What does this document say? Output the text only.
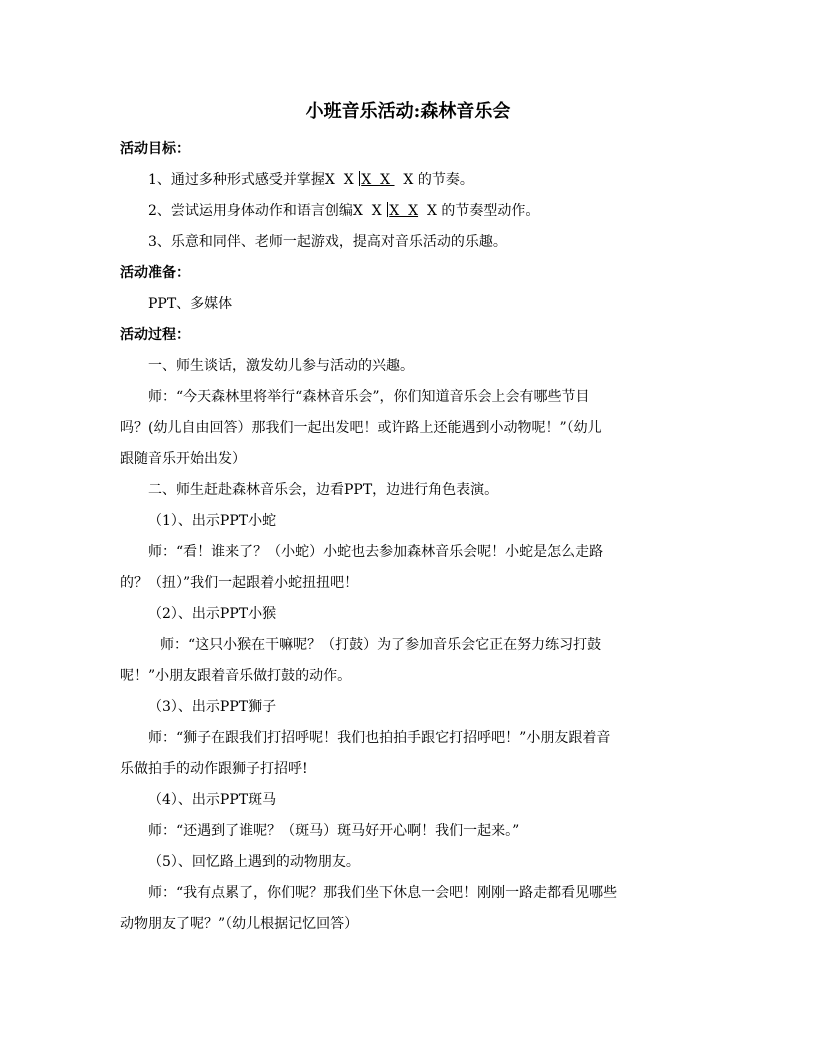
小班音乐活动:森林音乐会
活动目标：
1、通过多种形式感受并掌握X  X X  X   X 的节奏。
2、尝试运用身体动作和语言创编X  X X  X  X 的节奏型动作。
3、乐意和同伴、老师一起游戏，提高对音乐活动的乐趣。
活动准备：
PPT、多媒体
活动过程：
一、师生谈话，激发幼儿参与活动的兴趣。
师：“今天森林里将举行“森林音乐会”，你们知道音乐会上会有哪些节目
吗？(幼儿自由回答）那我们一起出发吧！或许路上还能遇到小动物呢！”（幼儿
跟随音乐开始出发）
二、师生赶赴森林音乐会，边看PPT，边进行角色表演。
（1）、出示PPT小蛇
师：“看！谁来了？（小蛇）小蛇也去参加森林音乐会呢！小蛇是怎么走路
的？（扭）”我们一起跟着小蛇扭扭吧！
（2）、出示PPT小猴
师：“这只小猴在干嘛呢？（打鼓）为了参加音乐会它正在努力练习打鼓
呢！”小朋友跟着音乐做打鼓的动作。
（3）、出示PPT狮子
师：“狮子在跟我们打招呼呢！我们也拍拍手跟它打招呼吧！”小朋友跟着音
乐做拍手的动作跟狮子打招呼!
（4）、出示PPT斑马
师：“还遇到了谁呢？（斑马）斑马好开心啊！我们一起来。”
（5）、回忆路上遇到的动物朋友。
师：“我有点累了，你们呢？那我们坐下休息一会吧！刚刚一路走都看见哪些
动物朋友了呢？”（幼儿根据记忆回答）
